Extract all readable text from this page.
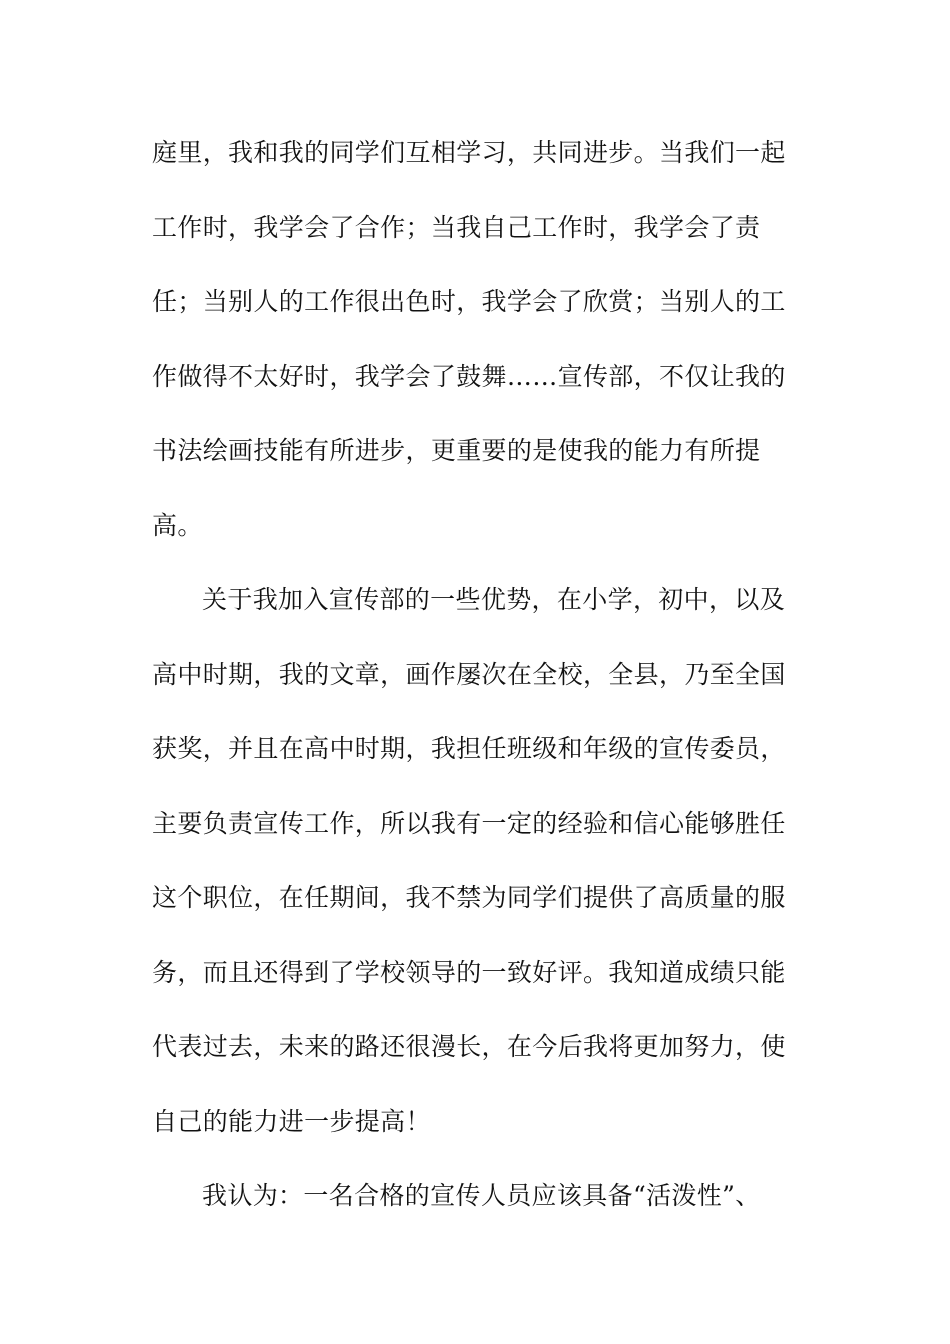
庭里，我和我的同学们互相学习，共同进步。当我们一起
工作时，我学会了合作；当我自己工作时，我学会了责
任；当别人的工作很出色时，我学会了欣赏；当别人的工
作做得不太好时，我学会了鼓舞……宣传部，不仅让我的
书法绘画技能有所进步，更重要的是使我的能力有所提
高。
关于我加入宣传部的一些优势，在小学，初中，以及
高中时期，我的文章，画作屡次在全校，全县，乃至全国
获奖，并且在高中时期，我担任班级和年级的宣传委员，
主要负责宣传工作，所以我有一定的经验和信心能够胜任
这个职位，在任期间，我不禁为同学们提供了高质量的服
务，而且还得到了学校领导的一致好评。我知道成绩只能
代表过去，未来的路还很漫长，在今后我将更加努力，使
自己的能力进一步提高！
我认为：一名合格的宣传人员应该具备“活泼性”、
